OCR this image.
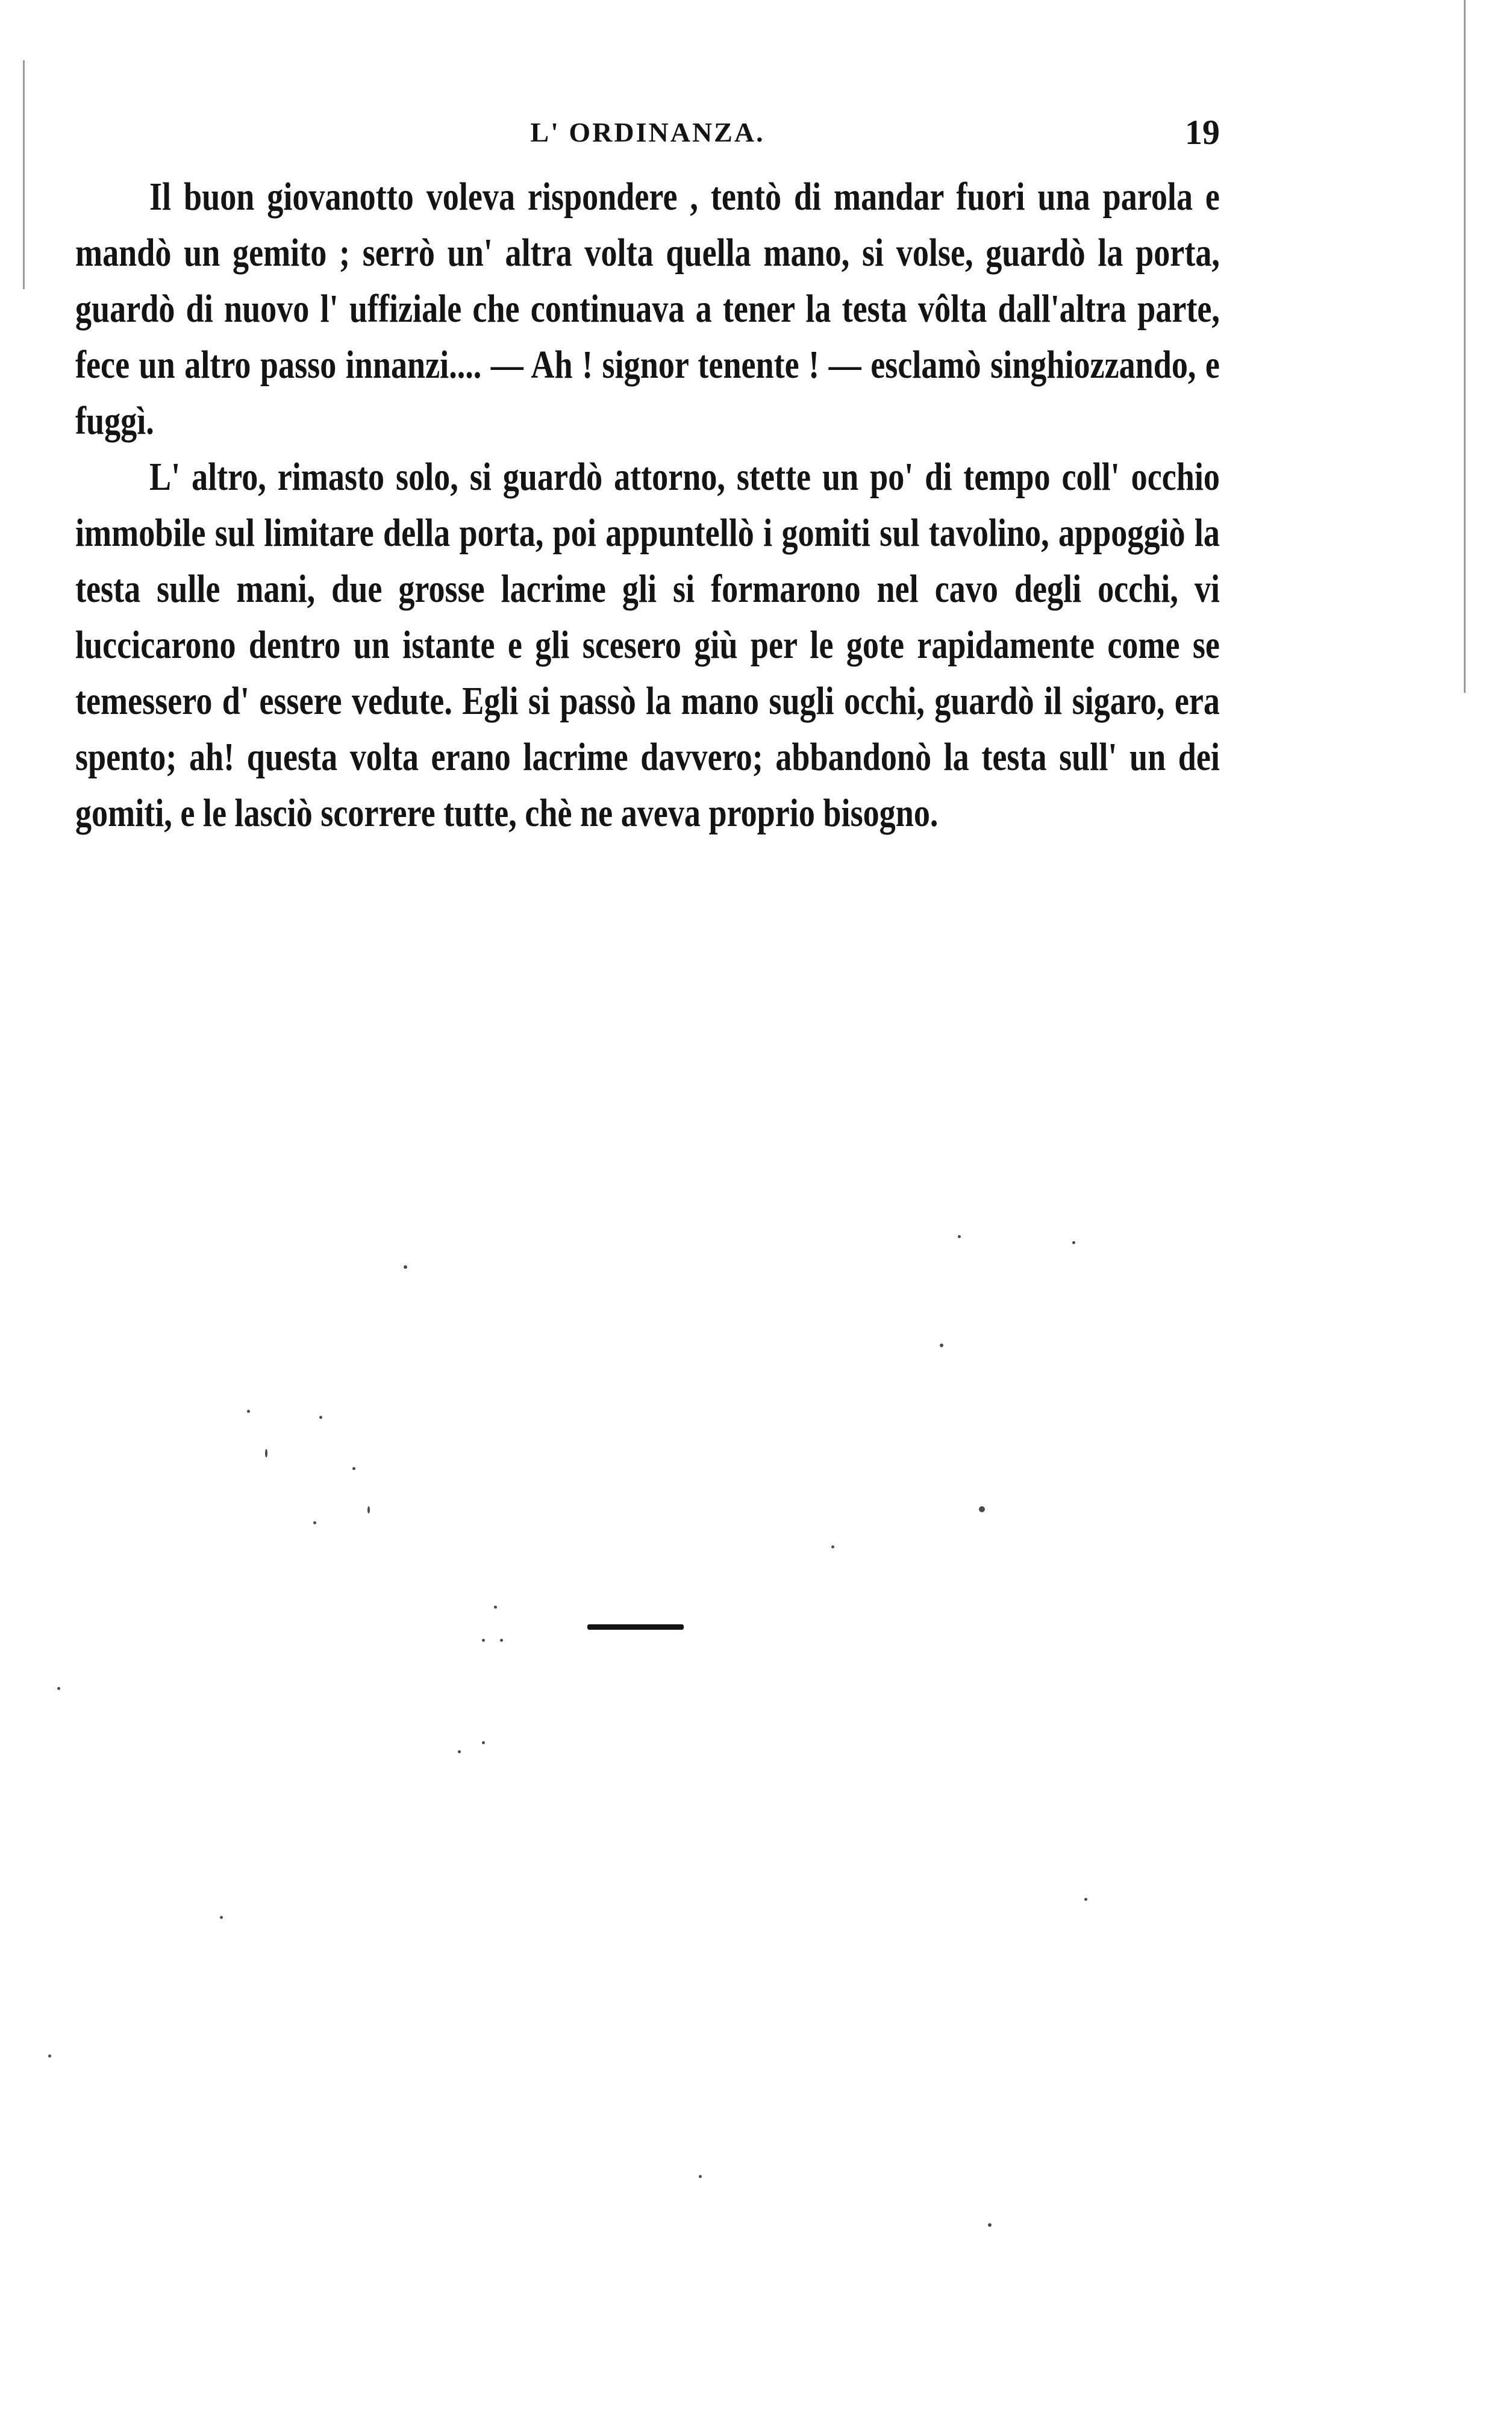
L' ORDINANZA.	19

Il buon giovanotto voleva rispondere , tentò di mandar fuori una parola e mandò un gemito ; serrò un' altra volta quella mano, si volse, guardò la porta, guardò di nuovo l' uffiziale che continuava a tener la testa vôlta dall'altra parte, fece un altro passo innanzi.... — Ah ! signor tenente ! — esclamò singhiozzando, e fuggì.

L' altro, rimasto solo, si guardò attorno, stette un po' di tempo coll' occhio immobile sul limitare della porta, poi appuntellò i gomiti sul tavolino, appoggiò la testa sulle mani, due grosse lacrime gli si formarono nel cavo degli occhi, vi luccicarono dentro un istante e gli scesero giù per le gote rapidamente come se temessero d' essere vedute. Egli si passò la mano sugli occhi, guardò il sigaro, era spento; ah! questa volta erano lacrime davvero; abbandonò la testa sull' un dei gomiti, e le lasciò scorrere tutte, chè ne aveva proprio bisogno.
